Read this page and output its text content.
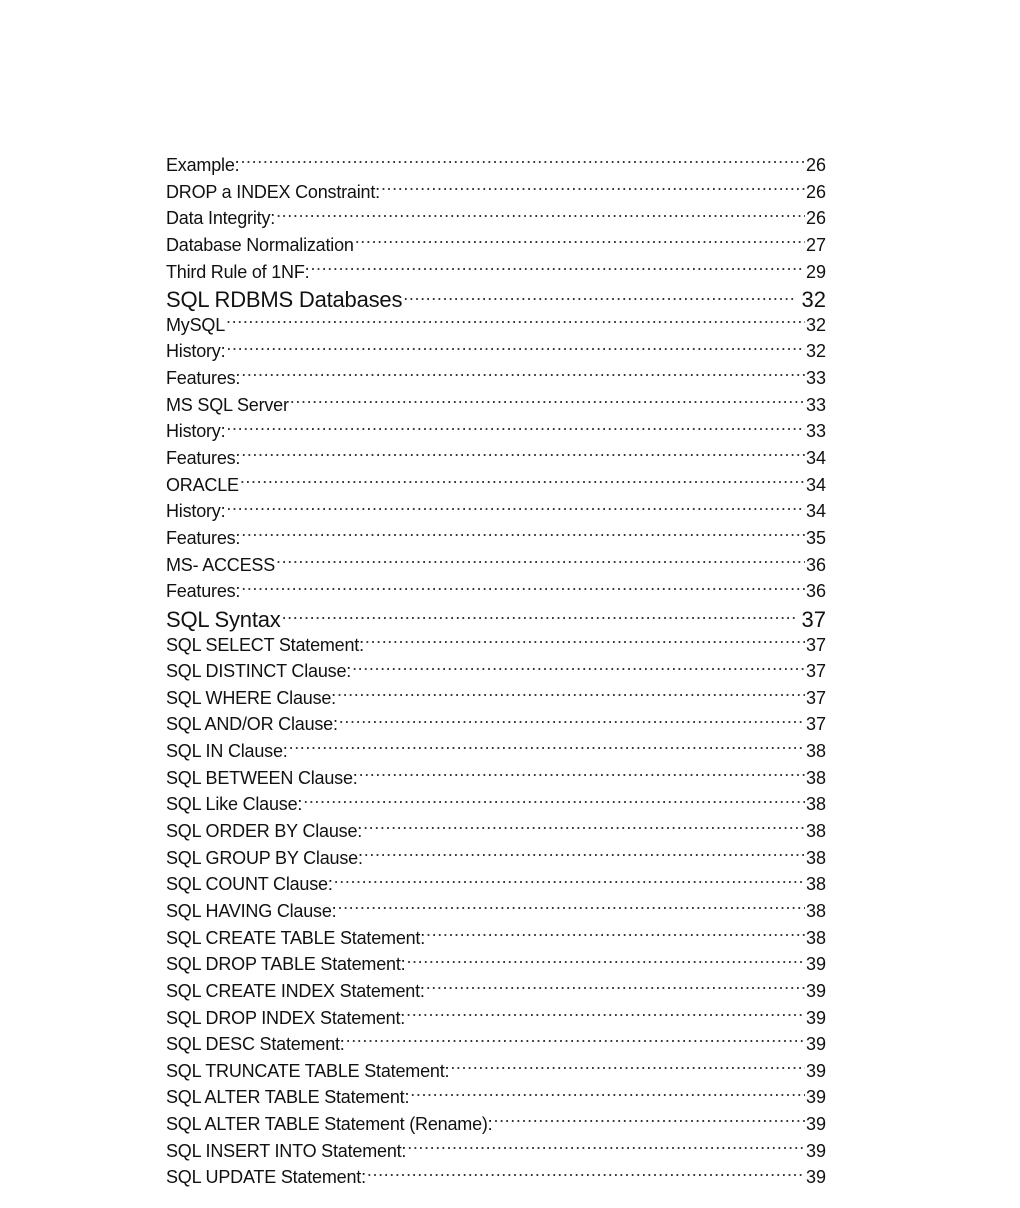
Example: .....	26
DROP a INDEX Constraint: .....	26
Data Integrity: .....	26
Database Normalization .....	27
Third Rule of 1NF: .....	29
SQL RDBMS Databases .....	32
MySQL .....	32
History: .....	32
Features: .....	33
MS SQL Server .....	33
History: .....	33
Features: .....	34
ORACLE .....	34
History: .....	34
Features: .....	35
MS- ACCESS .....	36
Features: .....	36
SQL Syntax .....	37
SQL SELECT Statement: .....	37
SQL DISTINCT Clause: .....	37
SQL WHERE Clause: .....	37
SQL AND/OR Clause: .....	37
SQL IN Clause: .....	38
SQL BETWEEN Clause: .....	38
SQL Like Clause: .....	38
SQL ORDER BY Clause: .....	38
SQL GROUP BY Clause: .....	38
SQL COUNT Clause: .....	38
SQL HAVING Clause: .....	38
SQL CREATE TABLE Statement: .....	38
SQL DROP TABLE Statement: .....	39
SQL CREATE INDEX Statement: .....	39
SQL DROP INDEX Statement: .....	39
SQL DESC Statement: .....	39
SQL TRUNCATE TABLE Statement: .....	39
SQL ALTER TABLE Statement: .....	39
SQL ALTER TABLE Statement (Rename): .....	39
SQL INSERT INTO Statement: .....	39
SQL UPDATE Statement: .....	39
